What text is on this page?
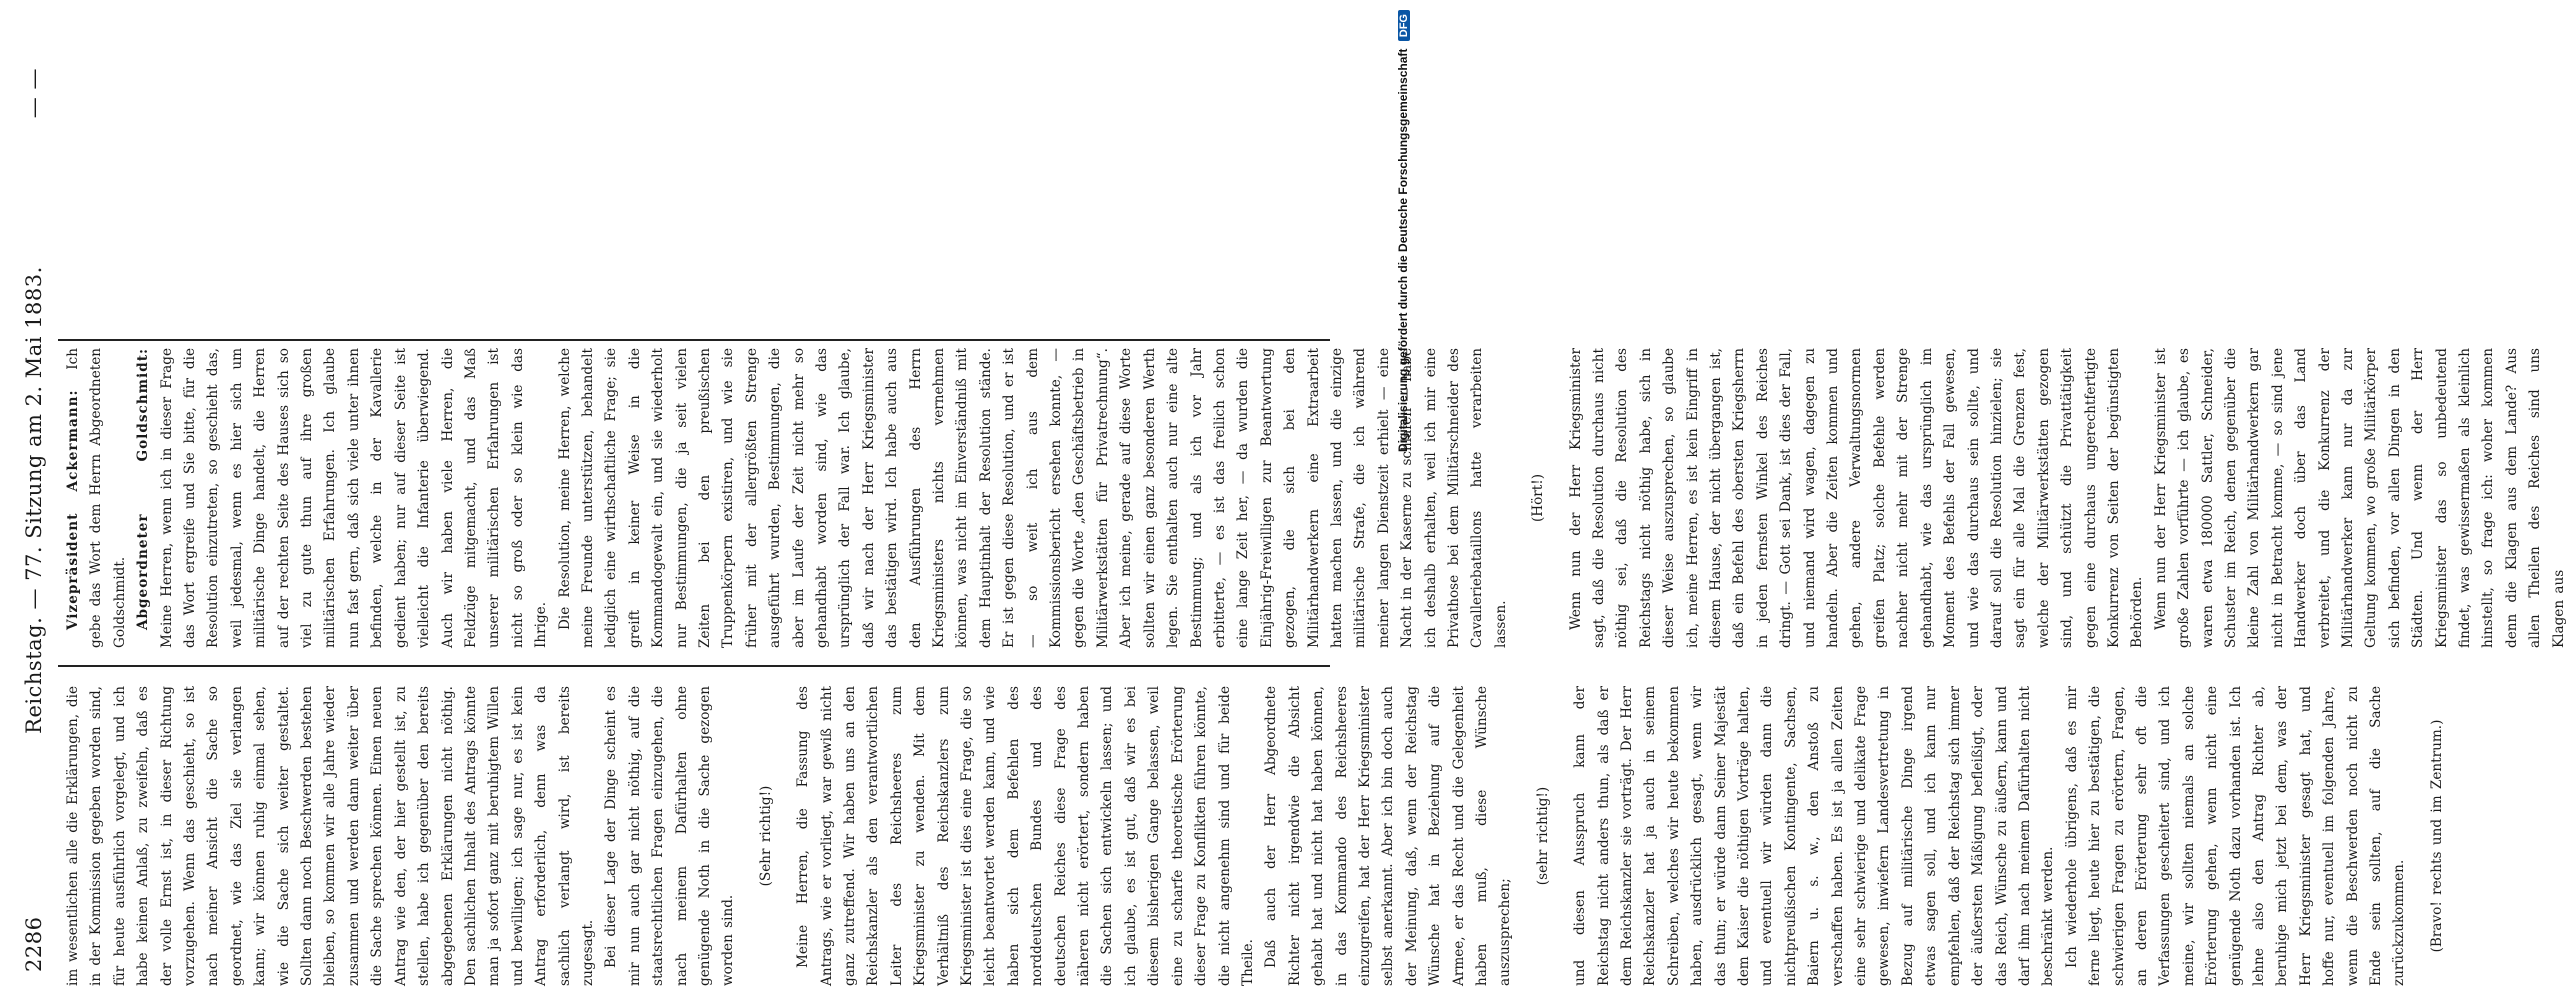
2286
Reichstag. — 77. Sitzung am 2. Mai 1883.
— —

im wesentlichen alle die Erklärungen, die in der Kommission gegeben worden sind, für heute ausführlich vorgelegt, und ich habe keinen Anlaß, zu zweifeln, daß es der volle Ernst ist, in dieser Richtung vorzugehen. Wenn das geschieht, so ist nach meiner Ansicht die Sache so geordnet, wie das Ziel sie verlangen kann; wir können ruhig einmal sehen, wie die Sache sich weiter gestaltet. Sollten dann noch Beschwerden bestehen bleiben, so kommen wir alle Jahre wieder zusammen und werden dann weiter über die Sache sprechen können. Einen neuen Antrag wie den, der hier gestellt ist, zu stellen, habe ich gegenüber den bereits abgegebenen Erklärungen nicht nöthig. Den sachlichen Inhalt des Antrags könnte man ja sofort ganz mit beruhigtem Willen und bewilligen; ich sage nur, es ist kein Antrag erforderlich, denn was da sachlich verlangt wird, ist bereits zugesagt. Bei dieser Lage der Dinge scheint es mir nun auch gar nicht nöthig, auf die staatsrechtlichen Fragen einzugehen, die nach meinem Dafürhalten ohne genügende Noth in die Sache gezogen worden sind.

(Sehr richtig!)	Meine Herren, die Fassung des Antrags, wie er vorliegt, war gewiß nicht ganz zutreffend. Wir haben uns an den Reichskanzler als den verantwortlichen Leiter des Reichsheeres zum Kriegsminister zu wenden. Mit dem Verhältniß des Reichskanzlers zum Kriegsminister ist dies eine Frage, die so leicht beantwortet werden kann, und wie haben sich dem Befehlen des norddeutschen Bundes und des deutschen Reiches diese Frage des näheren nicht erörtert, sondern haben die Sachen sich entwickeln lassen; und ich glaube, es ist gut, daß wir es bei diesem bisherigen Gange belassen, weil eine zu scharfe theoretische Erörterung dieser Frage zu Konflikten führen könnte, die nicht angenehm sind und für beide Theile. Daß auch der Herr Abgeordnete Richter nicht irgendwie die Absicht gehabt hat und nicht hat haben können, in das Kommando des Reichsheeres einzugreifen, hat der Herr Kriegsminister selbst anerkannt. Aber ich bin doch auch der Meinung, daß, wenn der Reichstag Wünsche hat in Beziehung auf die Armee, er das Recht und die Gelegenheit haben muß, diese Wünsche auszusprechen;

(sehr richtig!)	und diesen Ausspruch kann der Reichstag nicht anders thun, als daß er dem Reichskanzler sie vorträgt. Der Herr Reichskanzler hat ja auch in seinem Schreiben, welches wir heute bekommen haben, ausdrücklich gesagt, wenn wir das thun; er würde dann Seiner Majestät dem Kaiser die nöthigen Vorträge halten, und eventuell wir würden dann die nichtpreußischen Kontingente, Sachsen, Baiern u. s. w., den Anstoß zu verschaffen haben. Es ist ja allen Zeiten eine sehr schwierige und delikate Frage gewesen, inwiefern Landesvertretung in Bezug auf militärische Dinge irgend etwas sagen soll, und ich kann nur empfehlen, daß der Reichstag sich immer der äußersten Mäßigung befleißigt, oder das Reich, Wünsche zu äußern, kann und darf ihm nach meinem Dafürhalten nicht beschränkt werden. Ich wiederhole übrigens, daß es mir ferne liegt, heute hier zu bestätigen, die schwierigen Fragen zu erörtern, Fragen, an deren Erörterung sehr oft die Verfassungen gescheitert sind, und ich meine, wir sollten niemals an solche Erörterung gehen, wenn nicht eine genügende Noth dazu vorhanden ist. Ich lehne also den Antrag Richter ab, beruhige mich jetzt bei dem, was der Herr Kriegsminister gesagt hat, und hoffe nur, eventuell im folgenden Jahre, wenn die Beschwerden noch nicht zu Ende sein sollten, auf die Sache zurückzukommen.	(Bravo! rechts und im Zentrum.)

Vizepräsident Ackermann: Ich gebe das Wort dem Herrn Abgeordneten Goldschmidt. Abgeordneter Goldschmidt: Meine Herren, wenn ich in dieser Frage das Wort ergreife und Sie bitte, für die Resolution einzutreten, so geschieht das, weil jedesmal, wenn es hier sich um militärische Dinge handelt, die Herren auf der rechten Seite des Hauses sich so viel zu gute thun auf ihre großen militärischen Erfahrungen. Ich glaube nun fast gern, daß sich viele unter ihnen befinden, welche in der Kavallerie gedient haben; nur auf dieser Seite ist vielleicht die Infanterie überwiegend. Auch wir haben viele Herren, die Feldzüge mitgemacht, und das Maß unserer militärischen Erfahrungen ist nicht so groß oder so klein wie das Ihrige. Die Resolution, meine Herren, welche meine Freunde unterstützen, behandelt lediglich eine wirthschaftliche Frage; sie greift in keiner Weise in die Kommandogewalt ein, und sie wiederholt nur Bestimmungen, die ja seit vielen Zeiten bei den preußischen Truppenkörpern existiren, und wie sie früher mit der allergrößten Strenge ausgeführt wurden, Bestimmungen, die aber im Laufe der Zeit nicht mehr so gehandhabt worden sind, wie das ursprünglich der Fall war. Ich glaube, daß wir nach der Herr Kriegsminister das bestätigen wird. Ich habe auch aus den Ausführungen des Herrn Kriegsministers nichts vernehmen können, was nicht im Einverständniß mit dem Hauptinhalt der Resolution stände. Er ist gegen diese Resolution, und er ist — so weit ich aus dem Kommissionsbericht ersehen konnte, — gegen die Worte „den Geschäftsbetrieb in Militärwerkstätten für Privatrechnung“. Aber ich meine, gerade auf diese Worte sollten wir einen ganz besonderen Werth legen. Sie enthalten auch nur eine alte Bestimmung; und als ich vor Jahr erbitterte, — es ist das freilich schon eine lange Zeit her, — da wurden die Einjährig-Freiwilligen zur Beantwortung gezogen, die sich bei den Militärhandwerkern eine Extraarbeit hatten machen lassen, und die einzige militärische Strafe, die ich während meiner langen Dienstzeit erhielt — eine Nacht in der Kaserne zu schlafen — habe ich deshalb erhalten, weil ich mir eine Privathose bei dem Militärschneider des Cavalleriebataillons hatte verarbeiten lassen.

(Hört!)	Wenn nun der Herr Kriegsminister sagt, daß die Resolution durchaus nicht nöthig sei, daß die Resolution des Reichstags nicht nöthig habe, sich in dieser Weise auszusprechen, so glaube ich, meine Herren, es ist kein Eingriff in diesem Hause, der nicht übergangen ist, daß ein Befehl des obersten Kriegsherrn in jeden fernsten Winkel des Reiches dringt. — Gott sei Dank, ist dies der Fall, und niemand wird wagen, dagegen zu handeln. Aber die Zeiten kommen und gehen, andere Verwaltungsnormen greifen Platz; solche Befehle werden nachher nicht mehr mit der Strenge gehandhabt, wie das ursprünglich im Moment des Befehls der Fall gewesen, und wie das durchaus sein sollte, und darauf soll die Resolution hinzielen; sie sagt ein für alle Mal die Grenzen fest, welche der Militärwerkstätten gezogen sind, und schützt die Privattätigkeit gegen eine durchaus ungerechtfertigte Konkurrenz von Seiten der begünstigten Behörden. Wenn nun der Herr Kriegsminister ist große Zahlen vorführte — ich glaube, es waren etwa 180000 Sattler, Schneider, Schuster im Reich, denen gegenüber die kleine Zahl von Militärhandwerkern gar nicht in Betracht komme, — so sind jene Handwerker doch über das Land verbreitet, und die Konkurrenz der Militärhandwerker kann nur da zur Geltung kommen, wo große Militärkörper sich befinden, vor allen Dingen in den Städten. Und wenn der Herr Kriegsminister das so unbedeutend findet, was gewissermaßen als kleinlich hinstellt, so frage ich: woher kommen denn die Klagen aus dem Lande? Aus allen Theilen des Reiches sind uns Klagen aus

Digitalisierung gefördert durch die Deutsche Forschungsgemeinschaft DFG
